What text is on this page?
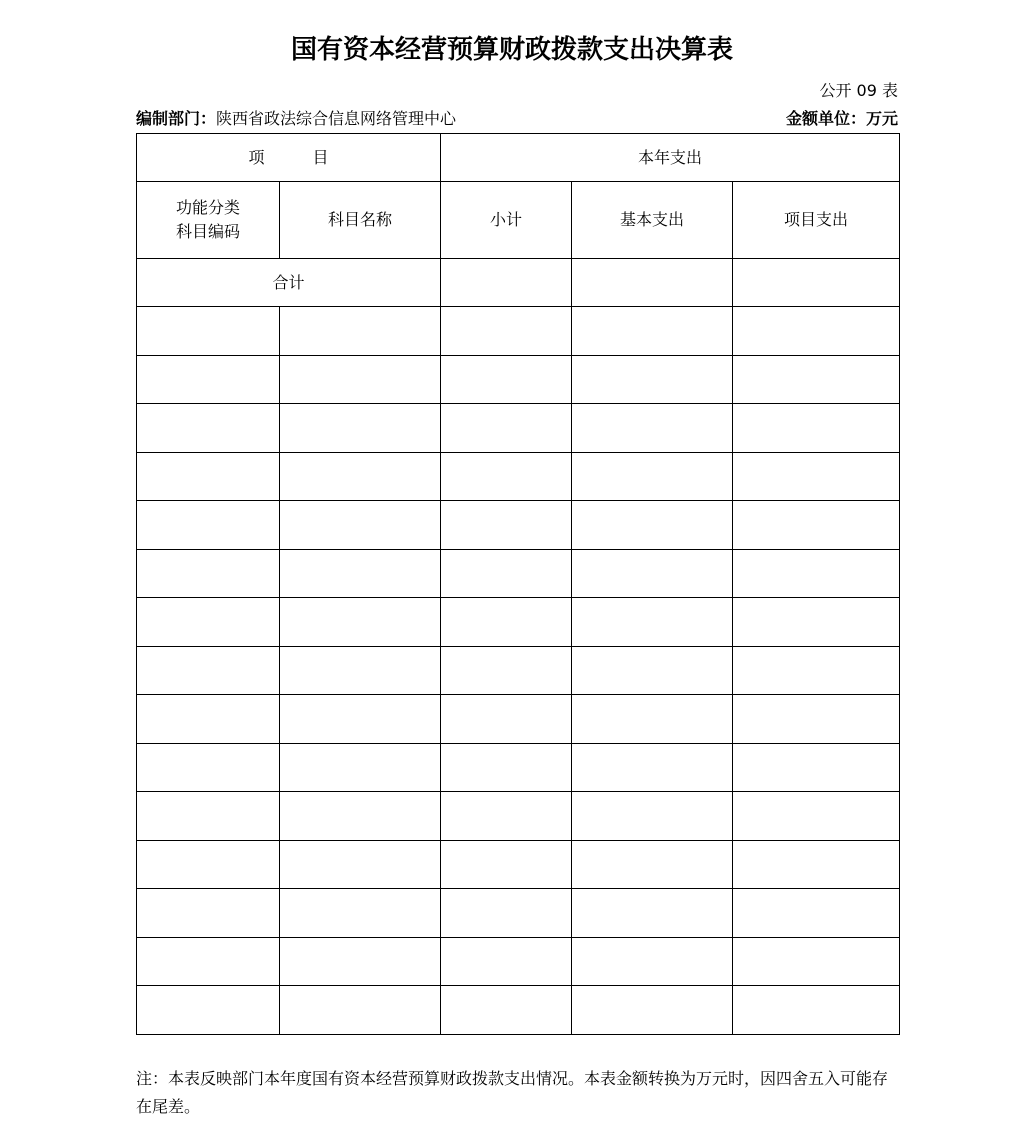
国有资本经营预算财政拨款支出决算表
公开 09 表
编制部门：陕西省政法综合信息网络管理中心	金额单位：万元
项 目		本年支出		

功能分类
科目编码	科目名称	小计	基本支出	项目支出
合计				

注：本表反映部门本年度国有资本经营预算财政拨款支出情况。本表金额转换为万元时，因四舍五入可能存在尾差。
